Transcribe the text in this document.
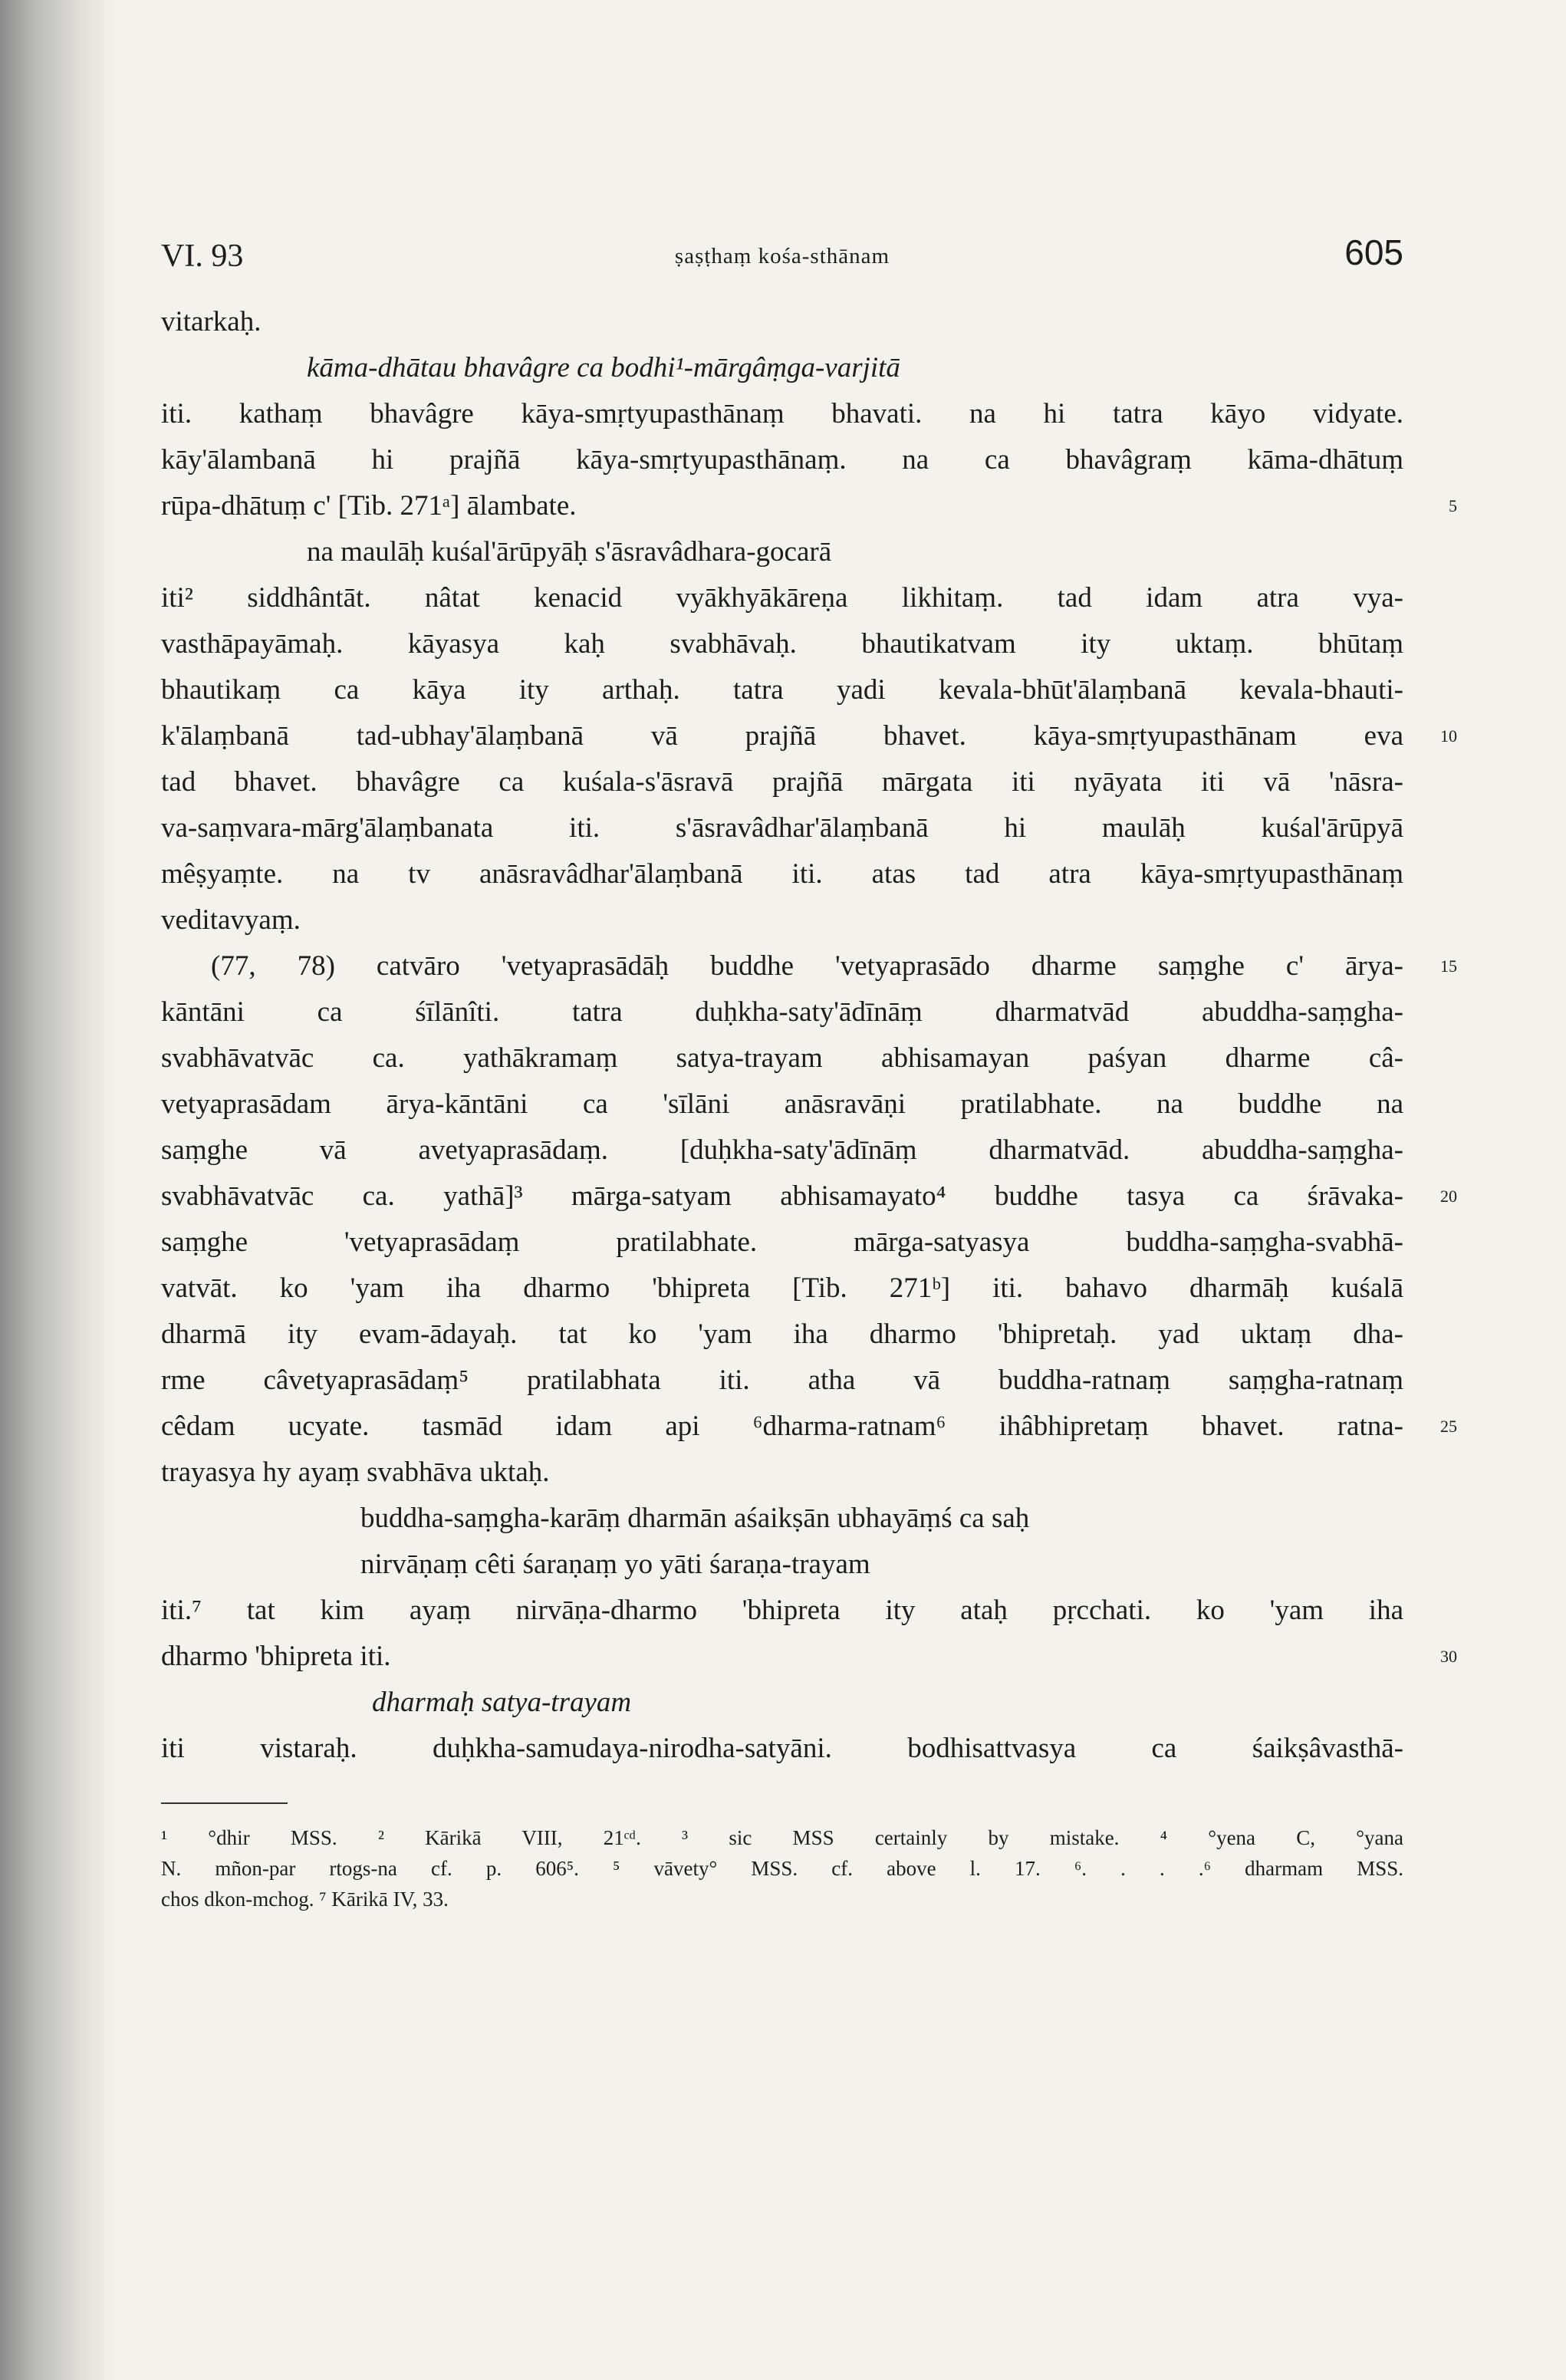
VI. 93	ṣaṣṭhaṃ kośa-sthānam	605
vitarkaḥ.
kāma-dhātau bhavâgre ca bodhi¹-mārgâṃga-varjitā
iti. kathaṃ bhavâgre kāya-smṛtyupasthānaṃ bhavati. na hi tatra kāyo vidyate.
kāy'ālambanā hi prajñā kāya-smṛtyupasthānaṃ. na ca bhavâgraṃ kāma-dhātuṃ
rūpa-dhātuṃ c' [Tib. 271ᵃ] ālambate.	5
na maulāḥ kuśal'ārūpyāḥ s'āsravâdhara-gocarā
iti² siddhântāt. nâtat kenacid vyākhyākāreṇa likhitaṃ. tad idam atra vya-
vasthāpayāmaḥ. kāyasya kaḥ svabhāvaḥ. bhautikatvam ity uktaṃ. bhūtaṃ
bhautikaṃ ca kāya ity arthaḥ. tatra yadi kevala-bhūt'ālaṃbanā kevala-bhauti-
k'ālaṃbanā tad-ubhay'ālaṃbanā vā prajñā bhavet. kāya-smṛtyupasthānam eva 10
tad bhavet. bhavâgre ca kuśala-s'āsravā prajñā mārgata iti nyāyata iti vā 'nāsra-
va-saṃvara-mārg'ālaṃbanata iti. s'āsravâdhar'ālaṃbanā hi maulāḥ kuśal'ārūpyā
mêṣyaṃte. na tv anāsravâdhar'ālaṃbanā iti. atas tad atra kāya-smṛtyupasthānaṃ
veditavyaṃ.
(77, 78) catvāro 'vetyaprasādāḥ buddhe 'vetyaprasādo dharme saṃghe c' ārya- 15
kāntāni ca śīlānîti. tatra duḥkha-saty'ādīnāṃ dharmatvād abuddha-saṃgha-
svabhāvatvāc ca. yathākramaṃ satya-trayam abhisamayan paśyan dharme câ-
vetyaprasādam ārya-kāntāni ca 'sīlāni anāsravāṇi pratilabhate. na buddhe na
saṃghe vā avetyaprasādaṃ. [duḥkha-saty'ādīnāṃ dharmatvād. abuddha-saṃgha-
svabhāvatvāc ca. yathā]³ mārga-satyam abhisamayato⁴ buddhe tasya ca śrāvaka- 20
saṃghe 'vetyaprasādaṃ pratilabhate. mārga-satyasya buddha-saṃgha-svabhā-
vatvāt. ko 'yam iha dharmo 'bhipreta [Tib. 271ᵇ] iti. bahavo dharmāḥ kuśalā
dharmā ity evam-ādayaḥ. tat ko 'yam iha dharmo 'bhipretaḥ. yad uktaṃ dha-
rme câvetyaprasādaṃ⁵ pratilabhata iti. atha vā buddha-ratnaṃ saṃgha-ratnaṃ
cêdam ucyate. tasmād idam api ⁶dharma-ratnam⁶ ihâbhipretaṃ bhavet. ratna- 25
trayasya hy ayaṃ svabhāva uktaḥ.
buddha-saṃgha-karāṃ dharmān aśaikṣān ubhayāṃś ca saḥ
nirvāṇaṃ cêti śaraṇaṃ yo yāti śaraṇa-trayam
iti.⁷ tat kim ayaṃ nirvāṇa-dharmo 'bhipreta ity ataḥ pṛcchati. ko 'yam iha
dharmo 'bhipreta iti.	30
dharmaḥ satya-trayam
iti vistaraḥ. duḥkha-samudaya-nirodha-satyāni. bodhisattvasya ca śaikṣâvasthā-
¹ °dhir MSS. ² Kārikā VIII, 21ᶜᵈ. ³ sic MSS certainly by mistake. ⁴ °yena C, °yana
N. mñon-par rtogs-na cf. p. 606⁵. ⁵ vāvety° MSS. cf. above l. 17. ⁶. . . .⁶ dharmam MSS.
chos dkon-mchog. ⁷ Kārikā IV, 33.
